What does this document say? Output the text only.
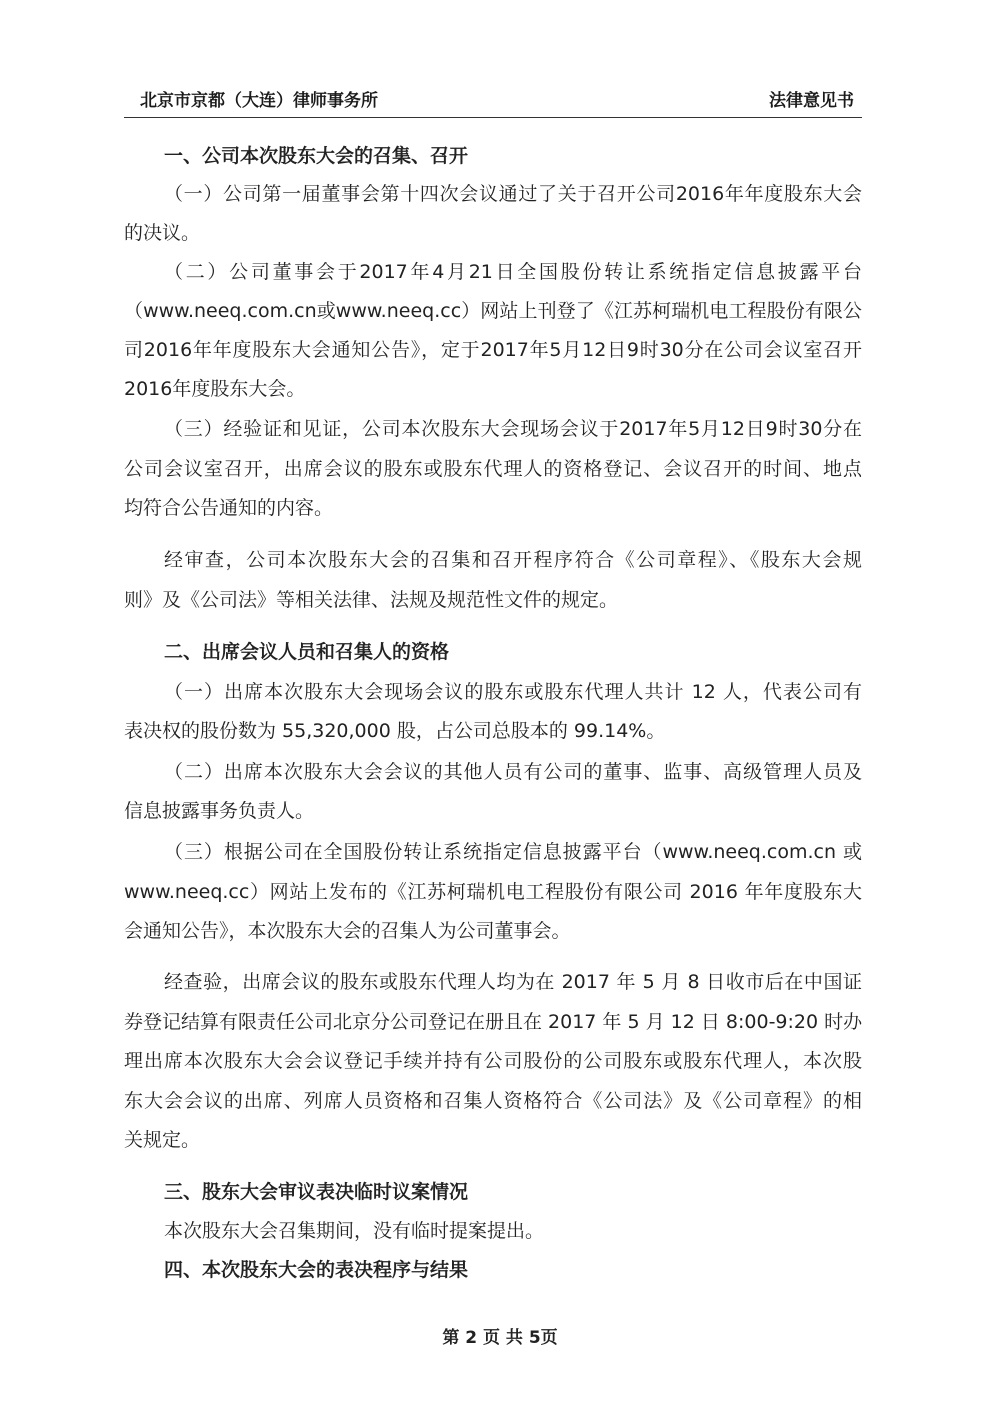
北京市京都（大连）律师事务所	法律意见书
一、公司本次股东大会的召集、召开
（一）公司第一届董事会第十四次会议通过了关于召开公司2016年年度股东大会
的决议。
（二）公司董事会于2017年4月21日全国股份转让系统指定信息披露平台
（www.neeq.com.cn或www.neeq.cc）网站上刊登了《江苏柯瑞机电工程股份有限公
司2016年年度股东大会通知公告》，定于2017年5月12日9时30分在公司会议室召开
2016年度股东大会。
（三）经验证和见证，公司本次股东大会现场会议于2017年5月12日9时30分在
公司会议室召开，出席会议的股东或股东代理人的资格登记、会议召开的时间、地点
均符合公告通知的内容。
经审查，公司本次股东大会的召集和召开程序符合《公司章程》、《股东大会规
则》及《公司法》等相关法律、法规及规范性文件的规定。
二、出席会议人员和召集人的资格
（一）出席本次股东大会现场会议的股东或股东代理人共计 12 人，代表公司有
表决权的股份数为 55,320,000 股，占公司总股本的 99.14%。
（二）出席本次股东大会会议的其他人员有公司的董事、监事、高级管理人员及
信息披露事务负责人。
（三）根据公司在全国股份转让系统指定信息披露平台（www.neeq.com.cn 或
www.neeq.cc）网站上发布的《江苏柯瑞机电工程股份有限公司 2016 年年度股东大
会通知公告》，本次股东大会的召集人为公司董事会。
经查验，出席会议的股东或股东代理人均为在 2017 年 5 月 8 日收市后在中国证
券登记结算有限责任公司北京分公司登记在册且在 2017 年 5 月 12 日 8:00-9:20 时办
理出席本次股东大会会议登记手续并持有公司股份的公司股东或股东代理人，本次股
东大会会议的出席、列席人员资格和召集人资格符合《公司法》及《公司章程》的相
关规定。
三、股东大会审议表决临时议案情况
本次股东大会召集期间，没有临时提案提出。
四、本次股东大会的表决程序与结果
第 2 页 共 5页
